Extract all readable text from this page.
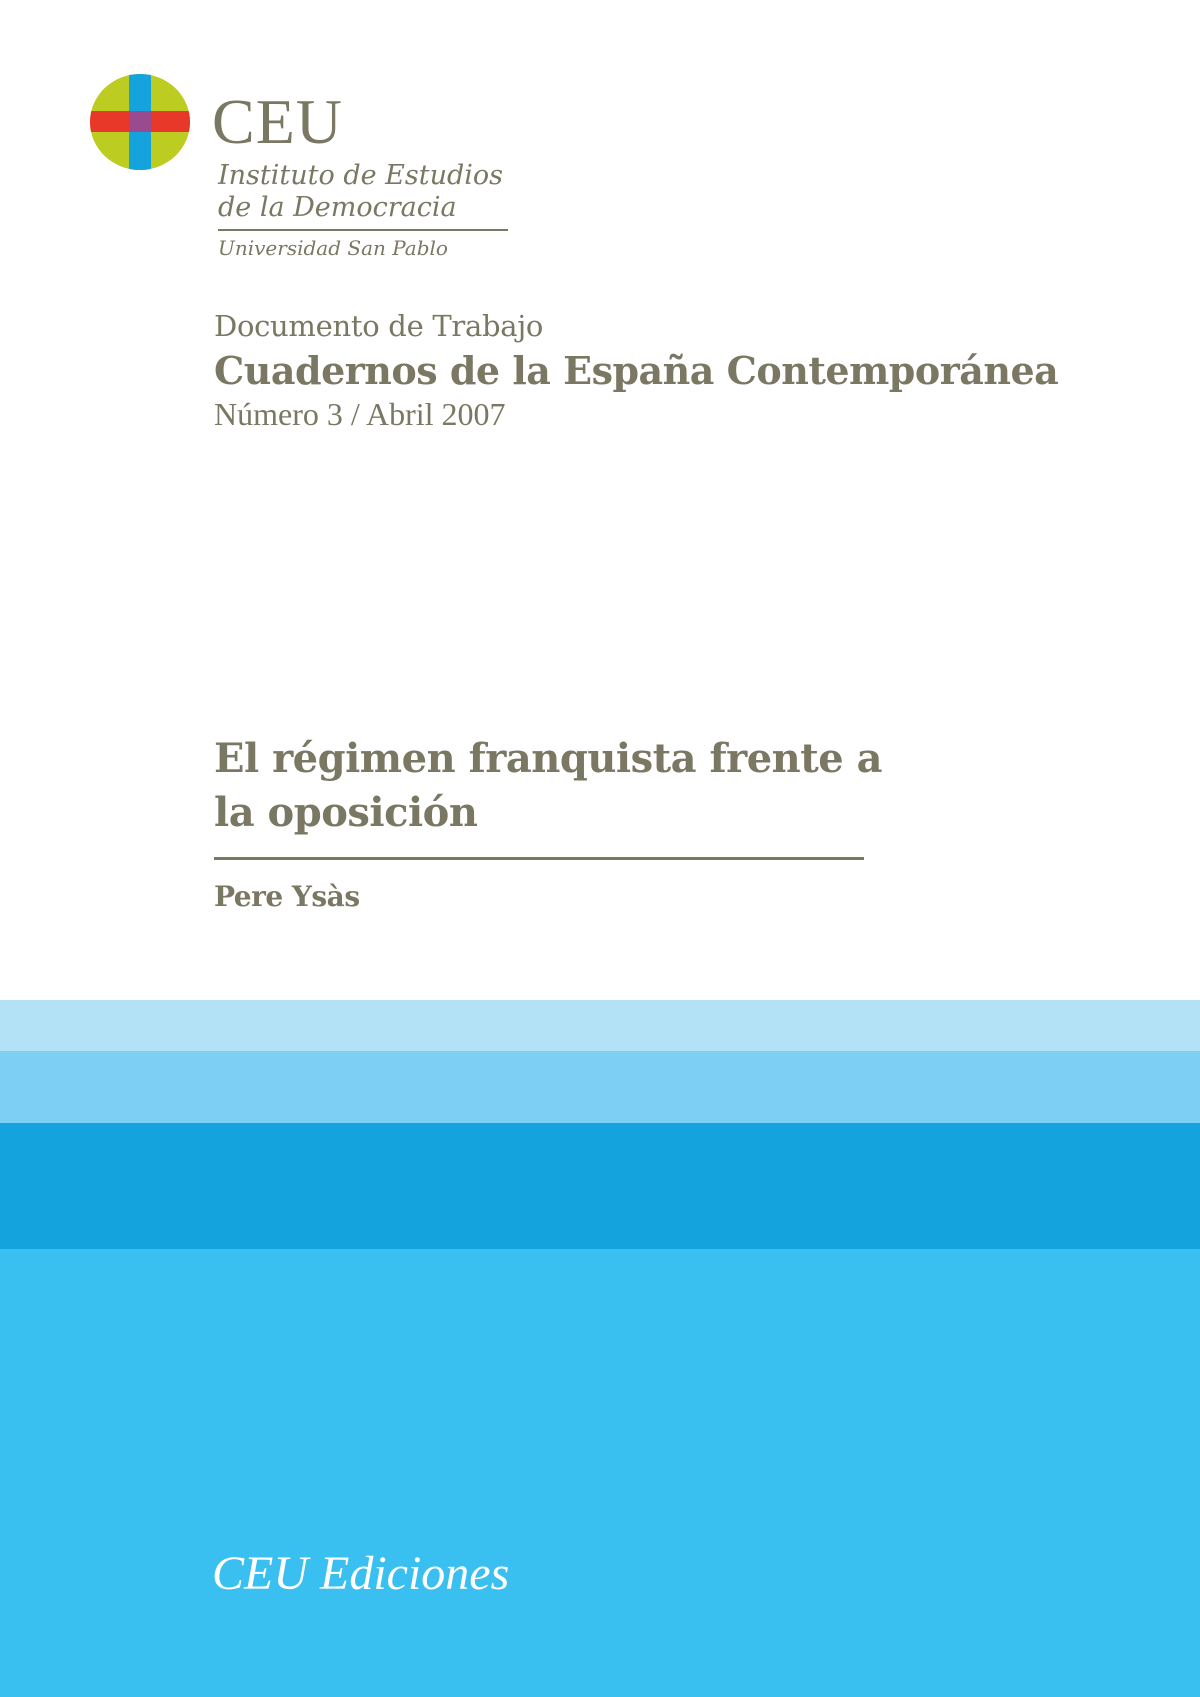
CEU
Instituto de Estudios
de la Democracia
Universidad San Pablo
Documento de Trabajo
Cuadernos de la España Contemporánea
Número 3 / Abril 2007
El régimen franquista frente a la oposición
Pere Ysàs
CEU Ediciones
